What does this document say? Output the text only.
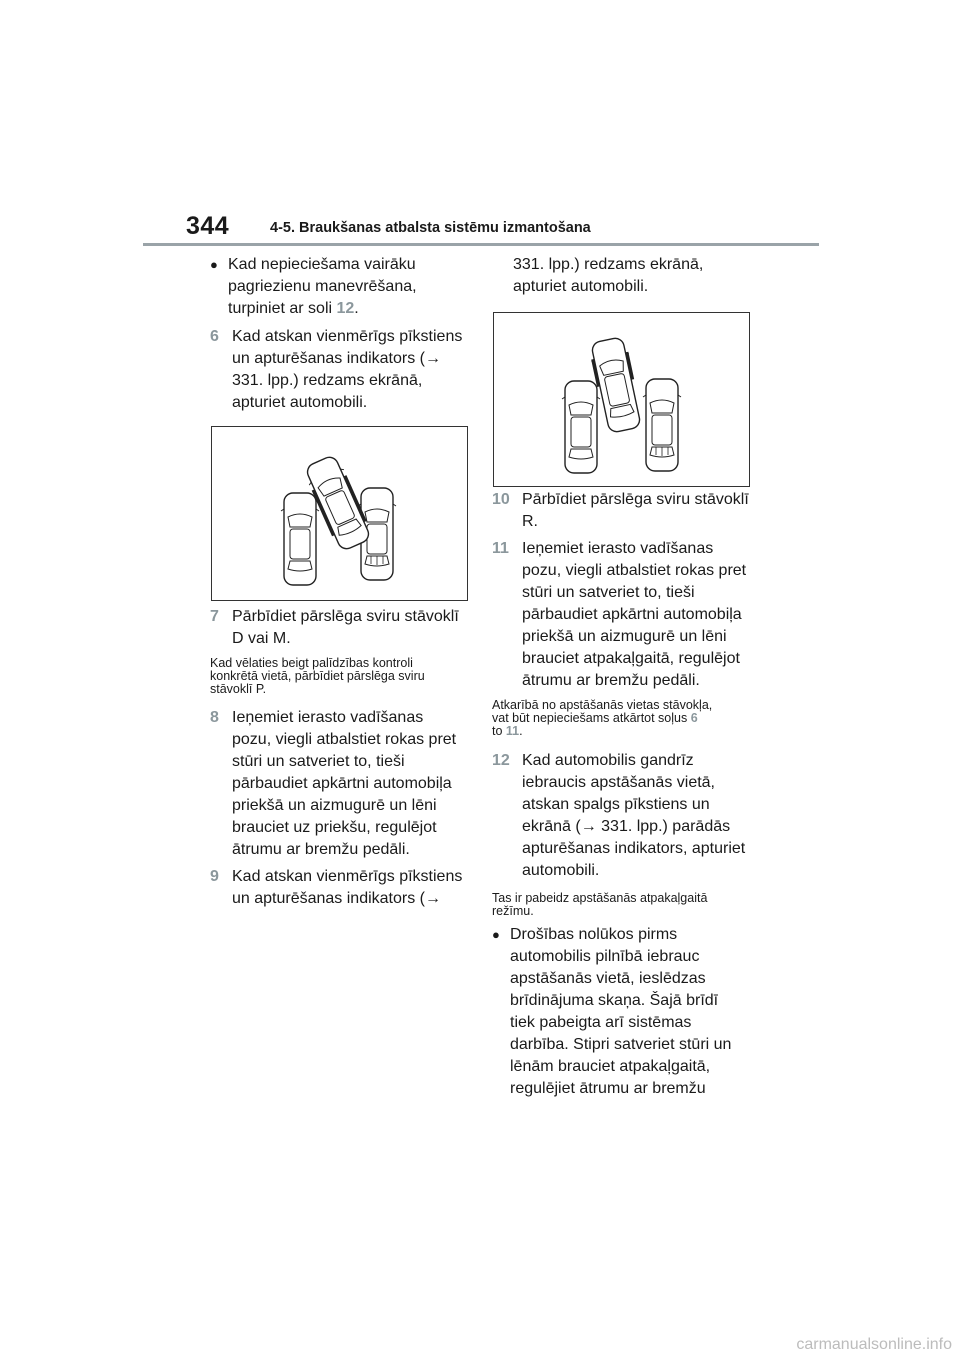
344	4-5. Braukšanas atbalsta sistēmu izmantošana
● Kad nepieciešama vairāku
pagriezienu manevrēšana,
turpiniet ar soli 12.
6 Kad atskan vienmērīgs pīkstiens
un apturēšanas indikators (→
331. lpp.) redzams ekrānā,
apturiet automobili.
7 Pārbīdiet pārslēga sviru stāvoklī
D vai M.
Kad vēlaties beigt palīdzības kontroli
konkrētā vietā, pārbīdiet pārslēga sviru
stāvoklī P.
8 Ieņemiet ierasto vadīšanas
pozu, viegli atbalstiet rokas pret
stūri un satveriet to, tieši
pārbaudiet apkārtni automobiļa
priekšā un aizmugurē un lēni
brauciet uz priekšu, regulējot
ātrumu ar bremžu pedāli.
9 Kad atskan vienmērīgs pīkstiens
un apturēšanas indikators (→
331. lpp.) redzams ekrānā,
apturiet automobili.
10 Pārbīdiet pārslēga sviru stāvoklī
R.
11 Ieņemiet ierasto vadīšanas
pozu, viegli atbalstiet rokas pret
stūri un satveriet to, tieši
pārbaudiet apkārtni automobiļa
priekšā un aizmugurē un lēni
brauciet atpakaļgaitā, regulējot
ātrumu ar bremžu pedāli.
Atkarībā no apstāšanās vietas stāvokļa,
vat būt nepieciešams atkārtot soļus 6
to 11.
12 Kad automobilis gandrīz
iebraucis apstāšanās vietā,
atskan spalgs pīkstiens un
ekrānā (→ 331. lpp.) parādās
apturēšanas indikators, apturiet
automobili.
Tas ir pabeidz apstāšanās atpakaļgaitā
režīmu.
● Drošības nolūkos pirms
automobilis pilnībā iebrauc
apstāšanās vietā, ieslēdzas
brīdinājuma skaņa. Šajā brīdī
tiek pabeigta arī sistēmas
darbība. Stipri satveriet stūri un
lēnām brauciet atpakaļgaitā,
regulējiet ātrumu ar bremžu
carmanualsonline.info
